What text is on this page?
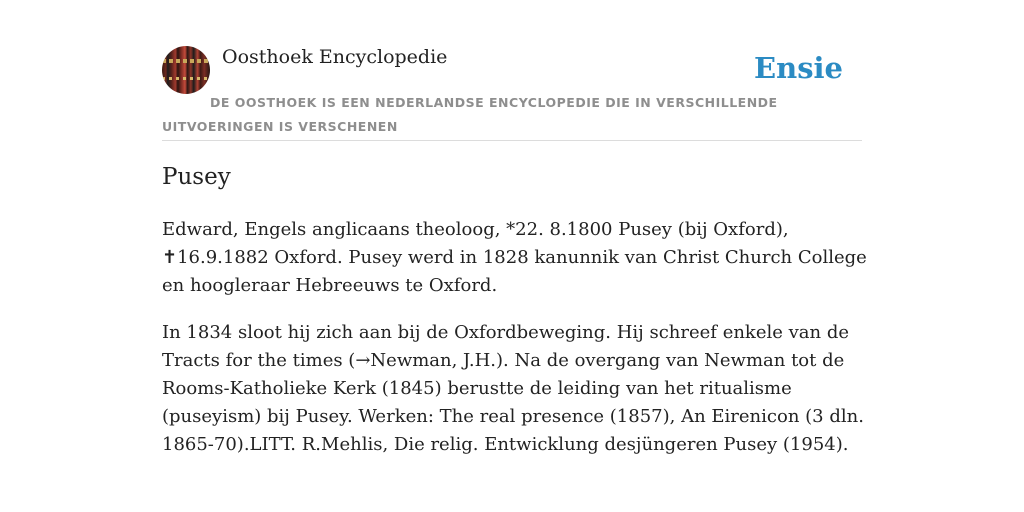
Oosthoek Encyclopedie	Ensie
DE OOSTHOEK IS EEN NEDERLANDSE ENCYCLOPEDIE DIE IN VERSCHILLENDE UITVOERINGEN IS VERSCHENEN
Pusey

Edward, Engels anglicaans theoloog, *22. 8.1800 Pusey (bij Oxford), ✝16.9.1882 Oxford. Pusey werd in 1828 kanunnik van Christ Church College en hoogleraar Hebreeuws te Oxford.

In 1834 sloot hij zich aan bij de Oxfordbeweging. Hij schreef enkele van de Tracts for the times (→Newman, J.H.). Na de overgang van Newman tot de Rooms-Katholieke Kerk (1845) berustte de leiding van het ritualisme (puseyism) bij Pusey. Werken: The real presence (1857), An Eirenicon (3 dln. 1865-70).LITT. R.Mehlis, Die relig. Entwicklung desjüngeren Pusey (1954).
